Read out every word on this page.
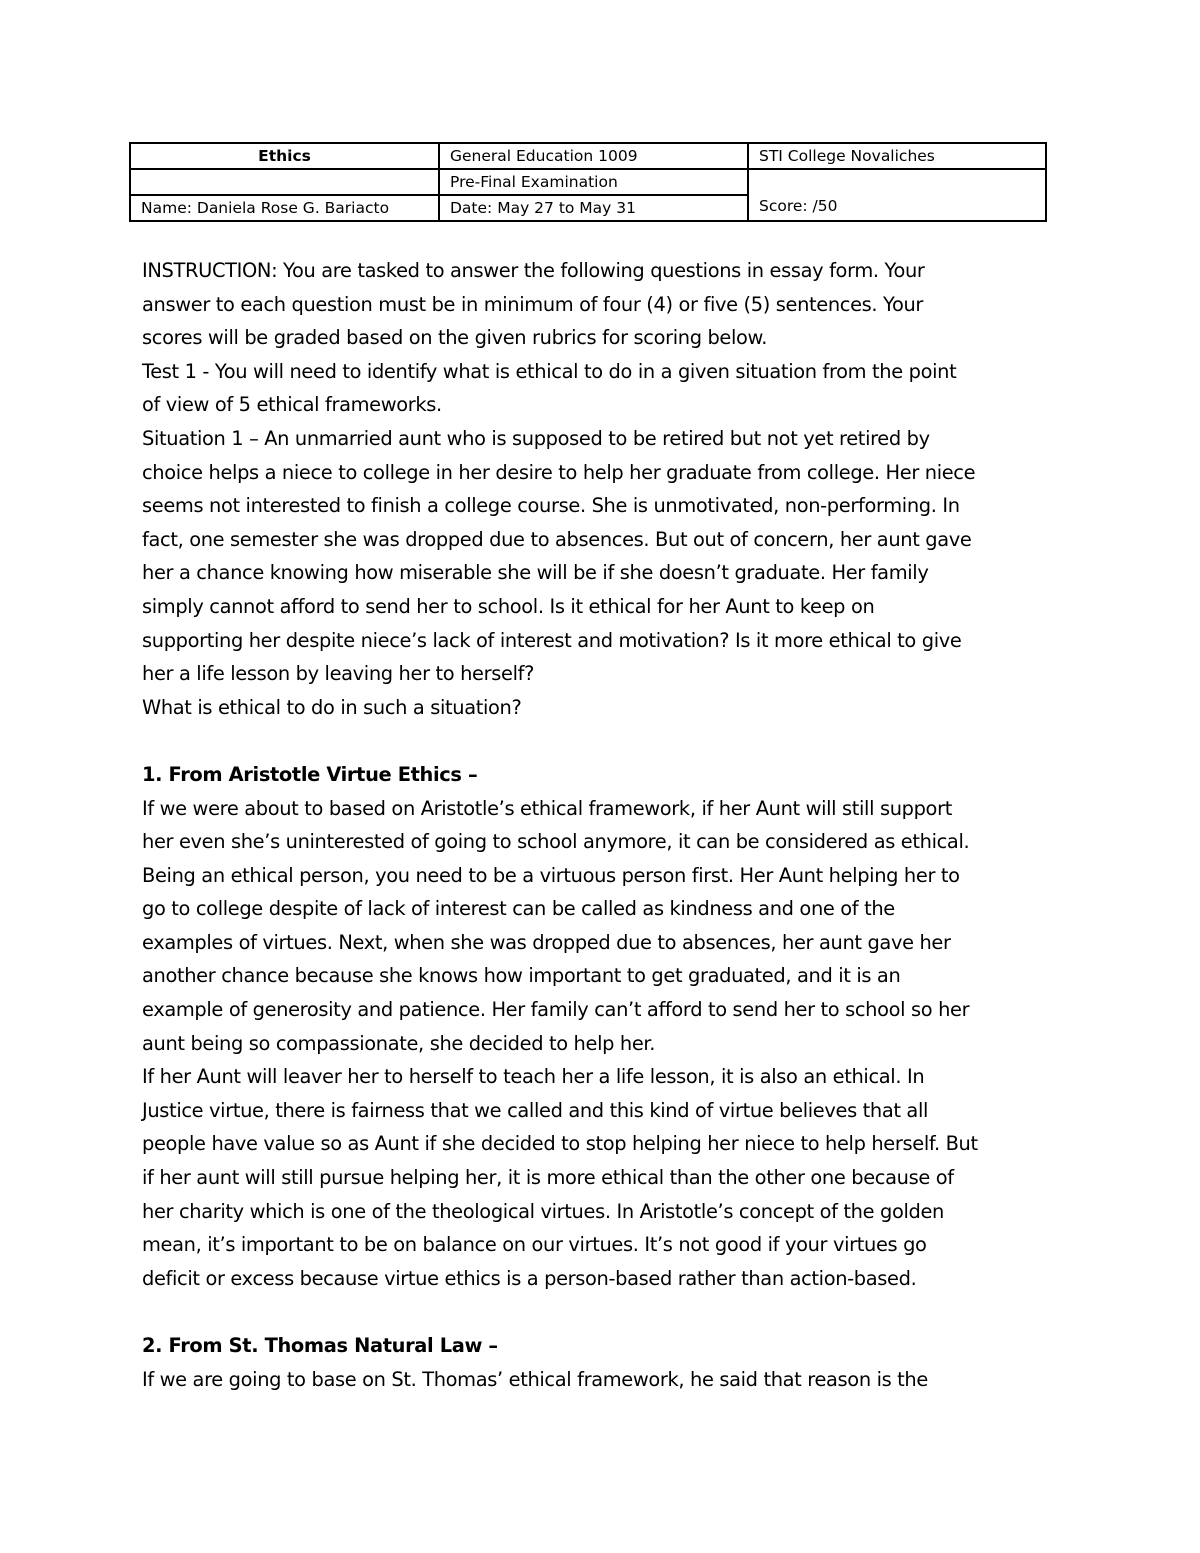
Ethics	General Education 1009	STI College Novaliches
	Pre-Final Examination	Score: /50
Name: Daniela Rose G. Bariacto	Date: May 27 to May 31	

INSTRUCTION: You are tasked to answer the following questions in essay form. Your

answer to each question must be in minimum of four (4) or five (5) sentences. Your

scores will be graded based on the given rubrics for scoring below.

Test 1 - You will need to identify what is ethical to do in a given situation from the point

of view of 5 ethical frameworks.

Situation 1 – An unmarried aunt who is supposed to be retired but not yet retired by

choice helps a niece to college in her desire to help her graduate from college. Her niece

seems not interested to finish a college course. She is unmotivated, non-performing. In

fact, one semester she was dropped due to absences. But out of concern, her aunt gave

her a chance knowing how miserable she will be if she doesn’t graduate. Her family

simply cannot afford to send her to school. Is it ethical for her Aunt to keep on

supporting her despite niece’s lack of interest and motivation? Is it more ethical to give

her a life lesson by leaving her to herself?

What is ethical to do in such a situation?

1. From Aristotle Virtue Ethics –

If we were about to based on Aristotle’s ethical framework, if her Aunt will still support

her even she’s uninterested of going to school anymore, it can be considered as ethical.

Being an ethical person, you need to be a virtuous person first. Her Aunt helping her to

go to college despite of lack of interest can be called as kindness and one of the

examples of virtues. Next, when she was dropped due to absences, her aunt gave her

another chance because she knows how important to get graduated, and it is an

example of generosity and patience. Her family can’t afford to send her to school so her

aunt being so compassionate, she decided to help her.

If her Aunt will leaver her to herself to teach her a life lesson, it is also an ethical. In

Justice virtue, there is fairness that we called and this kind of virtue believes that all

people have value so as Aunt if she decided to stop helping her niece to help herself. But

if her aunt will still pursue helping her, it is more ethical than the other one because of

her charity which is one of the theological virtues. In Aristotle’s concept of the golden

mean, it’s important to be on balance on our virtues. It’s not good if your virtues go

deficit or excess because virtue ethics is a person-based rather than action-based.

2. From St. Thomas Natural Law –

If we are going to base on St. Thomas’ ethical framework, he said that reason is the
